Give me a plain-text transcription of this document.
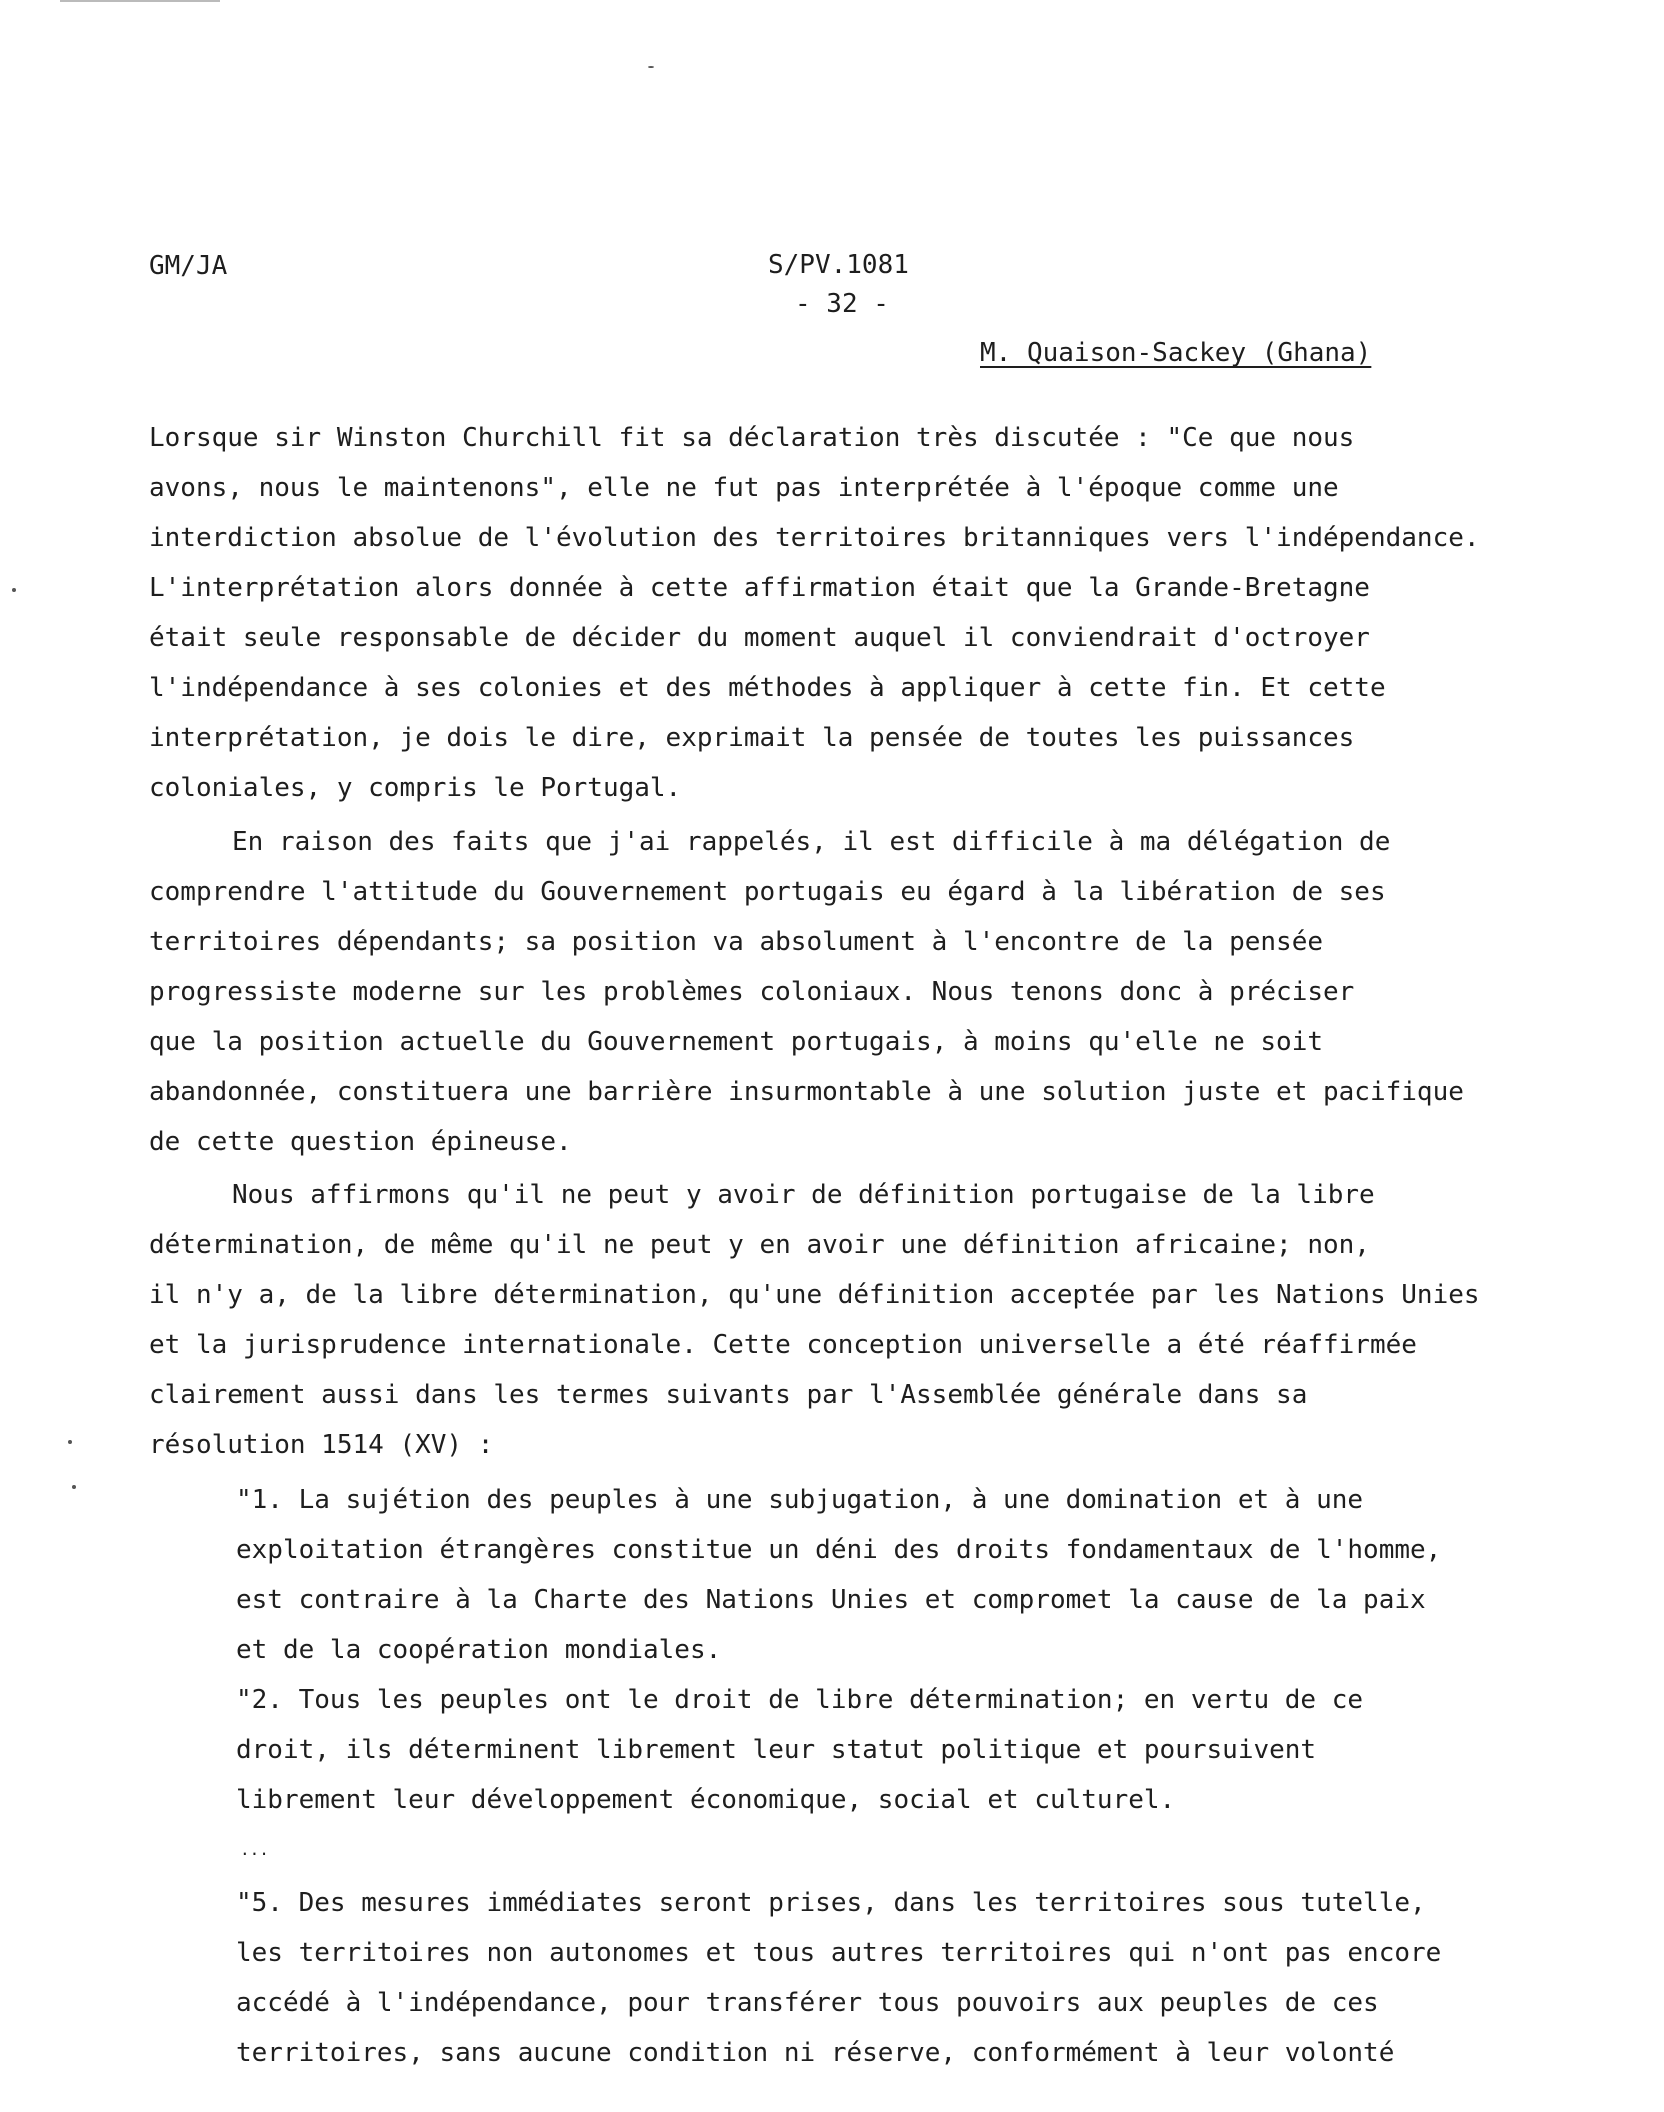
GM/JA	S/PV.1081
- 32 -
M. Quaison-Sackey (Ghana)
Lorsque sir Winston Churchill fit sa déclaration très discutée : "Ce que nous
avons, nous le maintenons", elle ne fut pas interprétée à l'époque comme une
interdiction absolue de l'évolution des territoires britanniques vers l'indépendance.
L'interprétation alors donnée à cette affirmation était que la Grande-Bretagne
était seule responsable de décider du moment auquel il conviendrait d'octroyer
l'indépendance à ses colonies et des méthodes à appliquer à cette fin. Et cette
interprétation, je dois le dire, exprimait la pensée de toutes les puissances
coloniales, y compris le Portugal.
En raison des faits que j'ai rappelés, il est difficile à ma délégation de
comprendre l'attitude du Gouvernement portugais eu égard à la libération de ses
territoires dépendants; sa position va absolument à l'encontre de la pensée
progressiste moderne sur les problèmes coloniaux. Nous tenons donc à préciser
que la position actuelle du Gouvernement portugais, à moins qu'elle ne soit
abandonnée, constituera une barrière insurmontable à une solution juste et pacifique
de cette question épineuse.
Nous affirmons qu'il ne peut y avoir de définition portugaise de la libre
détermination, de même qu'il ne peut y en avoir une définition africaine; non,
il n'y a, de la libre détermination, qu'une définition acceptée par les Nations Unies
et la jurisprudence internationale. Cette conception universelle a été réaffirmée
clairement aussi dans les termes suivants par l'Assemblée générale dans sa
résolution 1514 (XV) :
"1. La sujétion des peuples à une subjugation, à une domination et à une
exploitation étrangères constitue un déni des droits fondamentaux de l'homme,
est contraire à la Charte des Nations Unies et compromet la cause de la paix
et de la coopération mondiales.
"2. Tous les peuples ont le droit de libre détermination; en vertu de ce
droit, ils déterminent librement leur statut politique et poursuivent
librement leur développement économique, social et culturel.
...
"5. Des mesures immédiates seront prises, dans les territoires sous tutelle,
les territoires non autonomes et tous autres territoires qui n'ont pas encore
accédé à l'indépendance, pour transférer tous pouvoirs aux peuples de ces
territoires, sans aucune condition ni réserve, conformément à leur volonté
